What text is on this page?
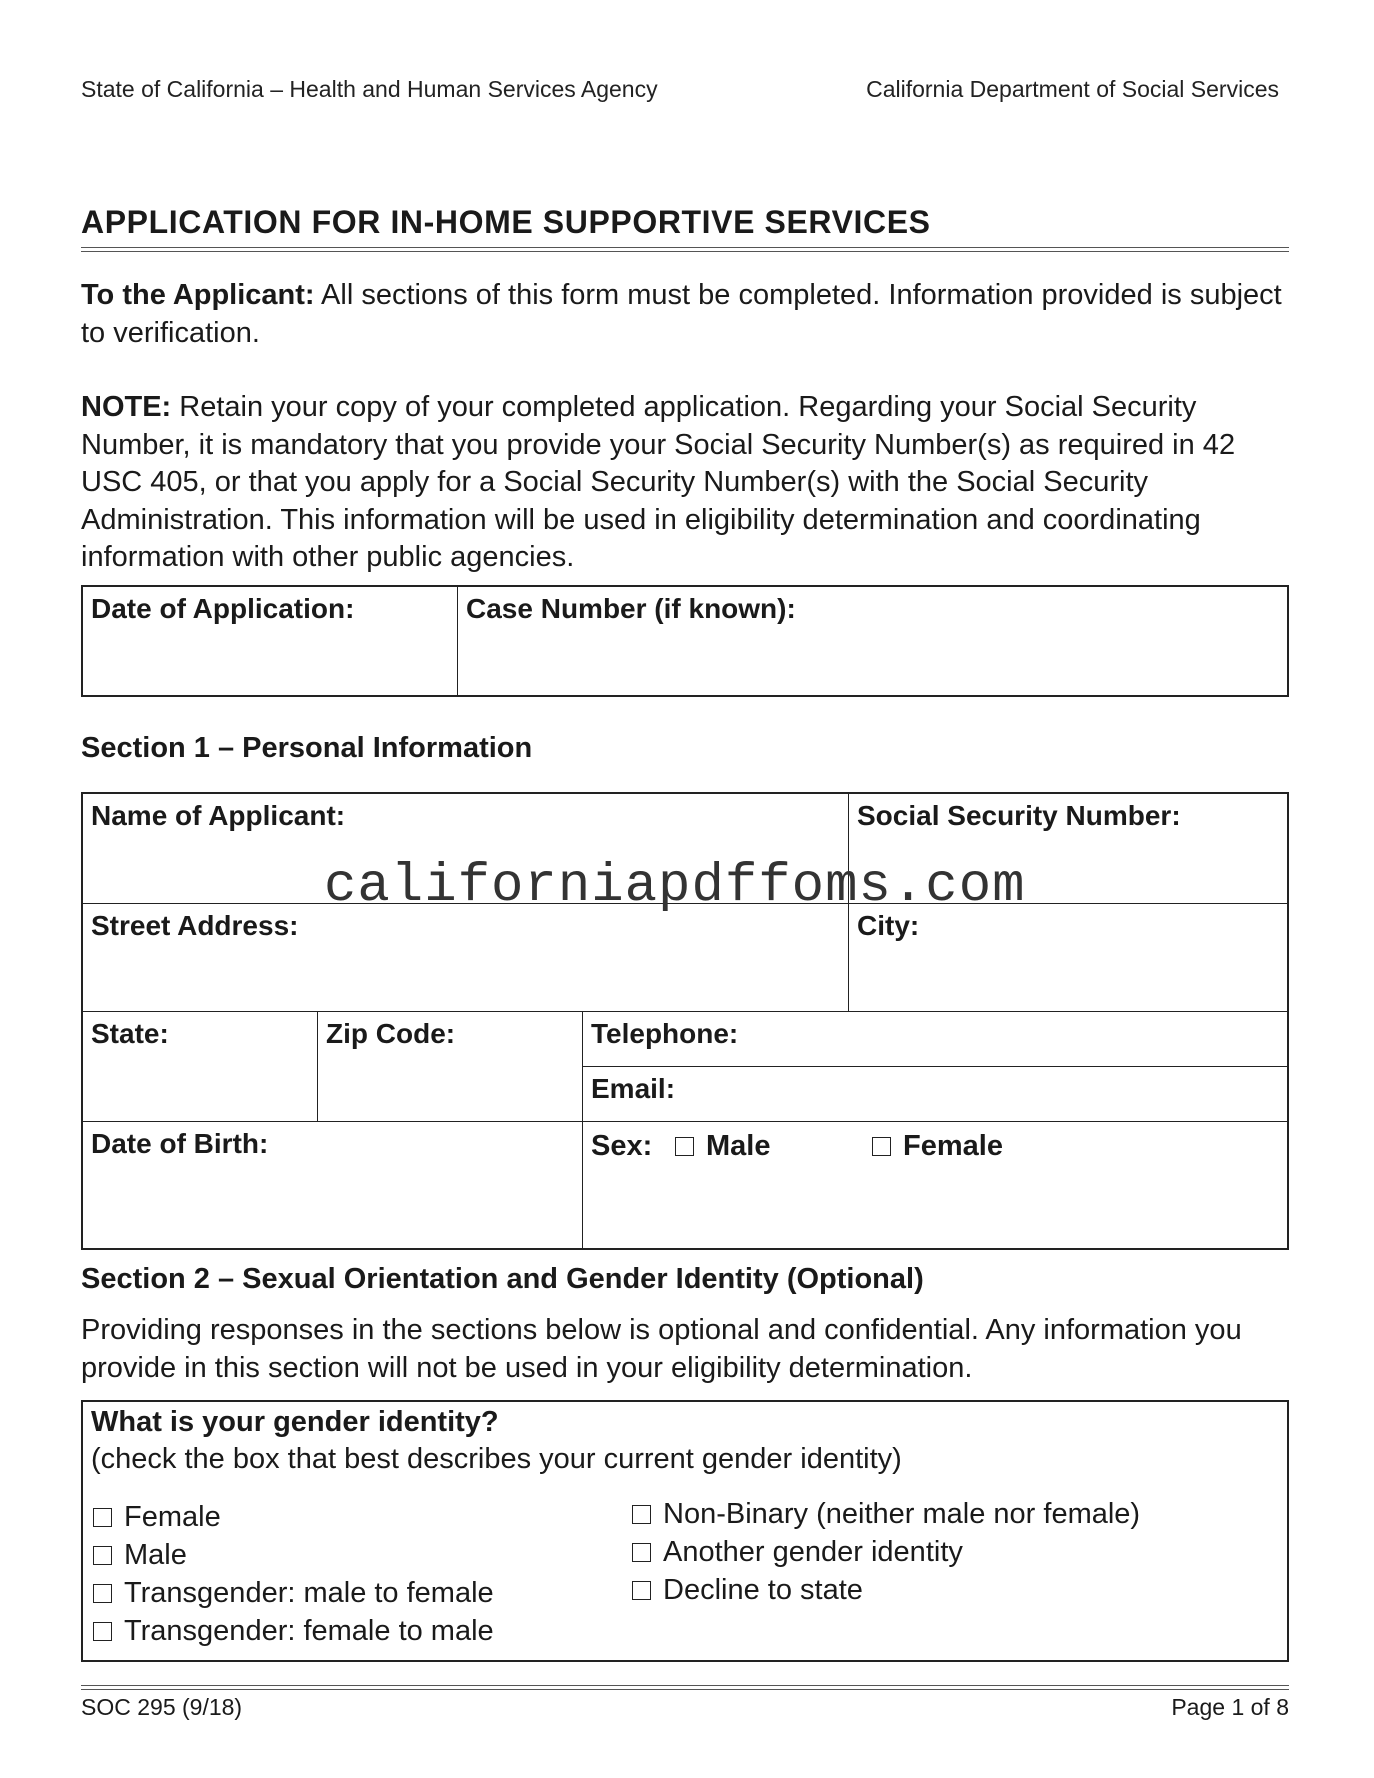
State of California – Health and Human Services Agency	California Department of Social Services
APPLICATION FOR IN-HOME SUPPORTIVE SERVICES
To the Applicant: All sections of this form must be completed. Information provided is subject to verification.
NOTE: Retain your copy of your completed application. Regarding your Social Security Number, it is mandatory that you provide your Social Security Number(s) as required in 42 USC 405, or that you apply for a Social Security Number(s) with the Social Security Administration. This information will be used in eligibility determination and coordinating information with other public agencies.
Date of Application:	Case Number (if known):
Section 1 – Personal Information
Name of Applicant:	Social Security Number:
Street Address:	City:
State:	Zip Code:	Telephone:
Email:
Date of Birth:	Sex:	Male	Female
californiapdffoms.com
Section 2 – Sexual Orientation and Gender Identity (Optional)
Providing responses in the sections below is optional and confidential. Any information you provide in this section will not be used in your eligibility determination.
What is your gender identity?
(check the box that best describes your current gender identity)
Female
Male
Transgender: male to female
Transgender: female to male
Non-Binary (neither male nor female)
Another gender identity
Decline to state
SOC 295 (9/18)	Page 1 of 8
